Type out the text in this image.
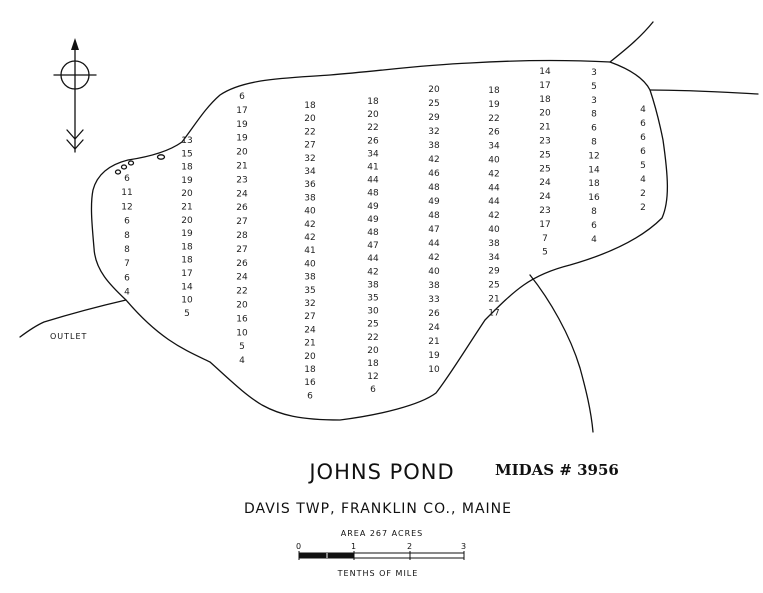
OUTLET
6
11
12
6
8
8
7
6
4
13
15
18
19
20
21
20
19
18
18
17
14
10
5
6
17
19
19
20
21
23
24
26
27
28
27
26
24
22
20
16
10
5
4
18
20
22
27
32
34
36
38
40
42
42
41
40
38
35
32
27
24
21
20
18
16
6
18
20
22
26
34
41
44
48
49
49
48
47
44
42
38
35
30
25
22
20
18
12
6
20
25
29
32
38
42
46
48
49
48
47
44
42
40
38
33
26
24
21
19
10
18
19
22
26
34
40
42
44
44
42
40
38
34
29
25
21
17
14
17
18
20
21
23
25
25
24
24
23
17
7
5
3
5
3
8
6
8
12
14
18
16
8
6
4
4
6
6
6
5
4
2
2
JOHNS POND	MIDAS # 3956
DAVIS TWP, FRANKLIN CO., MAINE
AREA 267 ACRES
0	1	2	3
TENTHS OF MILE
